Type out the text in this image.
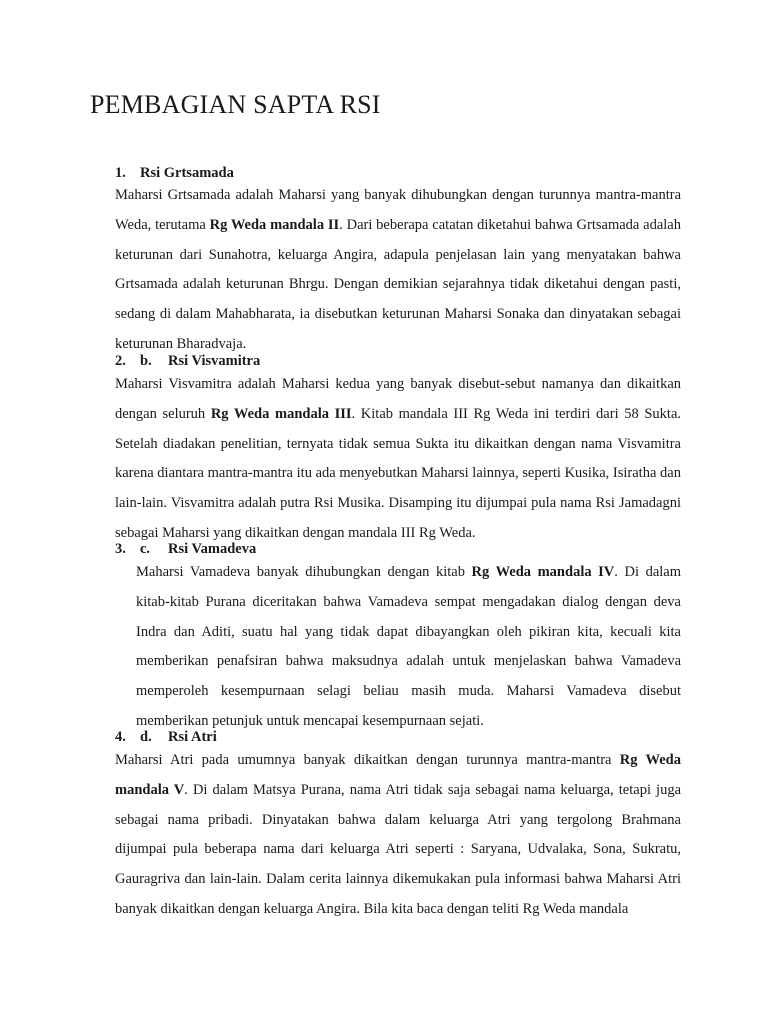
PEMBAGIAN SAPTA RSI
1. Rsi Grtsamada

Maharsi Grtsamada adalah Maharsi yang banyak dihubungkan dengan turunnya mantra-mantra Weda, terutama Rg Weda mandala II. Dari beberapa catatan diketahui bahwa Grtsamada adalah keturunan dari Sunahotra, keluarga Angira, adapula penjelasan lain yang menyatakan bahwa Grtsamada adalah keturunan Bhrgu. Dengan demikian sejarahnya tidak diketahui dengan pasti, sedang di dalam Mahabharata, ia disebutkan keturunan Maharsi Sonaka dan dinyatakan sebagai keturunan Bharadvaja.

2. b. Rsi Visvamitra

Maharsi Visvamitra adalah Maharsi kedua yang banyak disebut-sebut namanya dan dikaitkan dengan seluruh Rg Weda mandala III. Kitab mandala III Rg Weda ini terdiri dari 58 Sukta. Setelah diadakan penelitian, ternyata tidak semua Sukta itu dikaitkan dengan nama Visvamitra karena diantara mantra-mantra itu ada menyebutkan Maharsi lainnya, seperti Kusika, Isiratha dan lain-lain. Visvamitra adalah putra Rsi Musika. Disamping itu dijumpai pula nama Rsi Jamadagni sebagai Maharsi yang dikaitkan dengan mandala III Rg Weda.

3. c. Rsi Vamadeva

Maharsi Vamadeva banyak dihubungkan dengan kitab Rg Weda mandala IV. Di dalam kitab-kitab Purana diceritakan bahwa Vamadeva sempat mengadakan dialog dengan deva Indra dan Aditi, suatu hal yang tidak dapat dibayangkan oleh pikiran kita, kecuali kita memberikan penafsiran bahwa maksudnya adalah untuk menjelaskan bahwa Vamadeva memperoleh kesempurnaan selagi beliau masih muda. Maharsi Vamadeva disebut memberikan petunjuk untuk mencapai kesempurnaan sejati.

4. d. Rsi Atri

Maharsi Atri pada umumnya banyak dikaitkan dengan turunnya mantra-mantra Rg Weda mandala V. Di dalam Matsya Purana, nama Atri tidak saja sebagai nama keluarga, tetapi juga sebagai nama pribadi. Dinyatakan bahwa dalam keluarga Atri yang tergolong Brahmana dijumpai pula beberapa nama dari keluarga Atri seperti : Saryana, Udvalaka, Sona, Sukratu, Gauragriva dan lain-lain. Dalam cerita lainnya dikemukakan pula informasi bahwa Maharsi Atri banyak dikaitkan dengan keluarga Angira. Bila kita baca dengan teliti Rg Weda mandala
